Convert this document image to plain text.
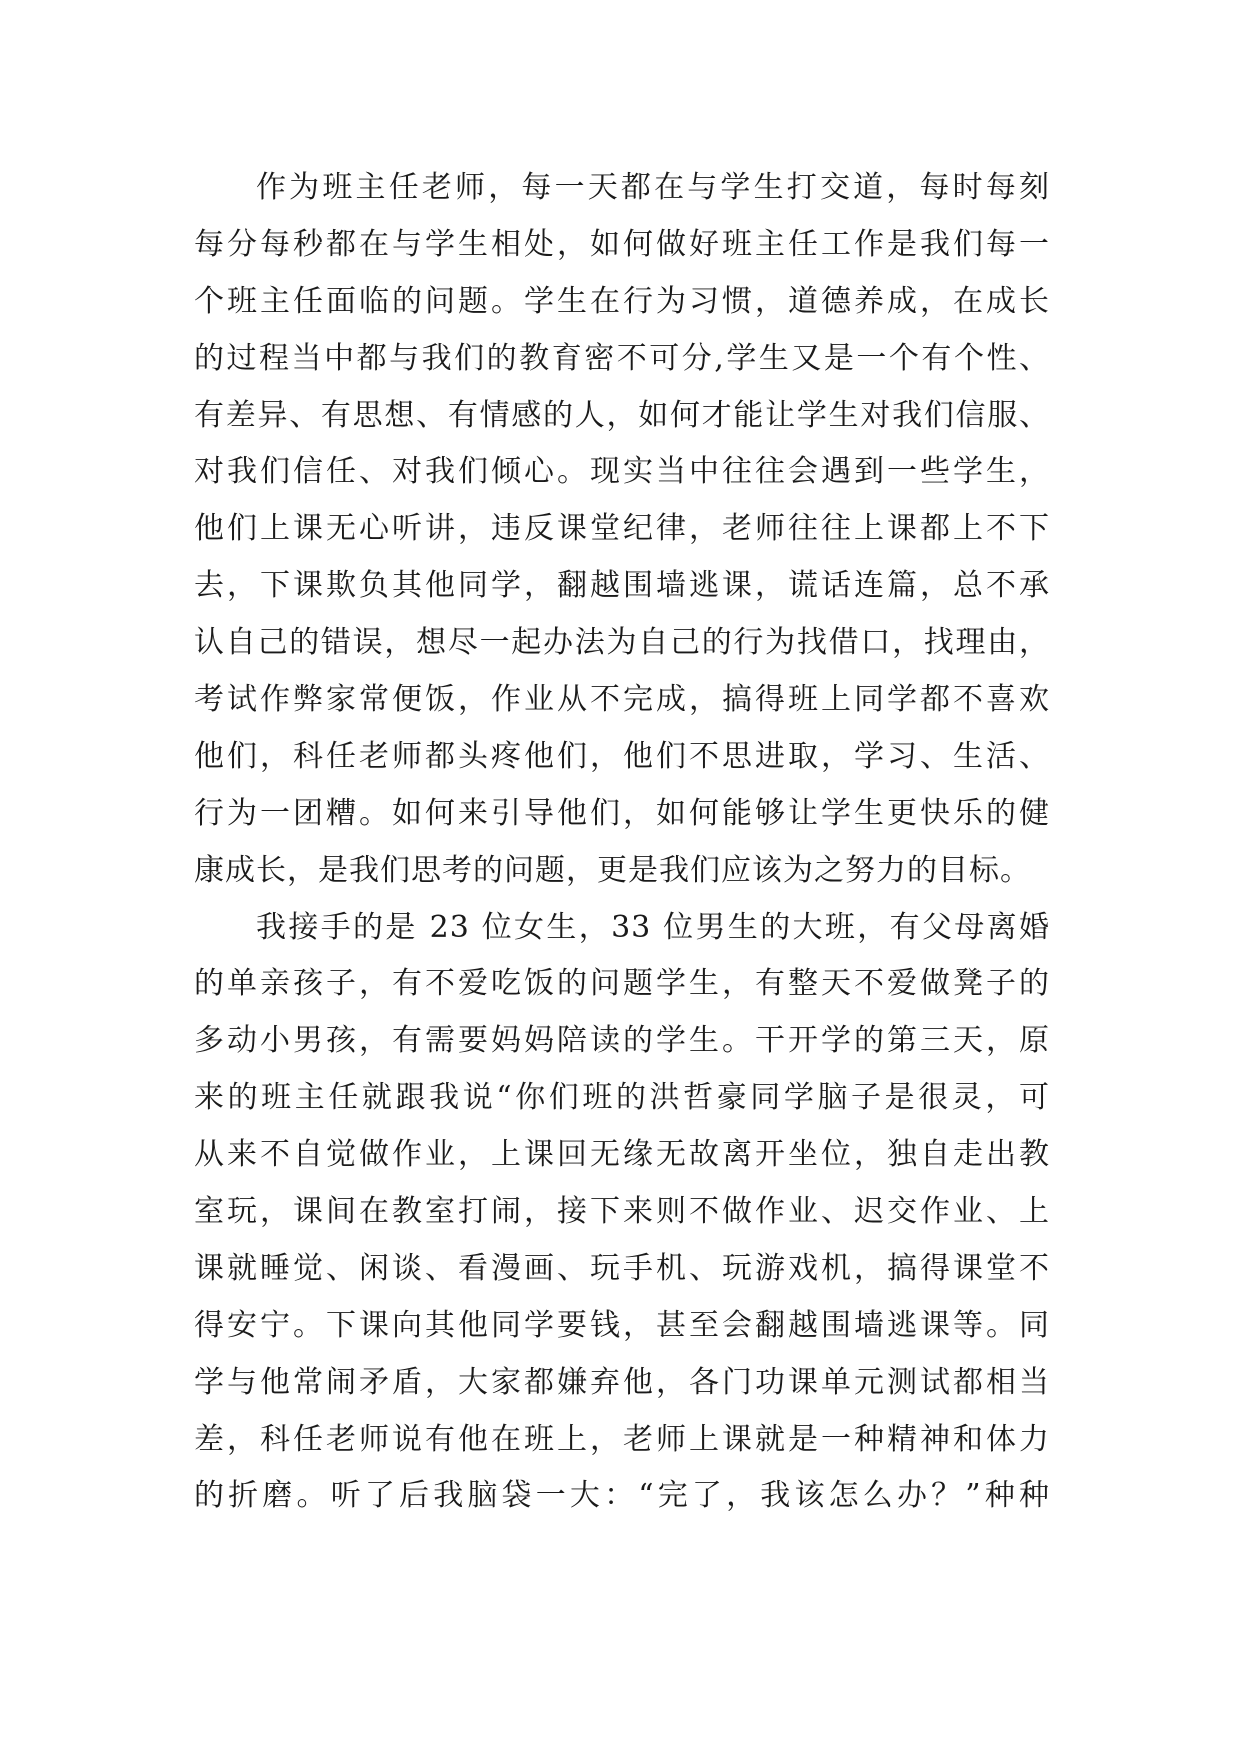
作为班主任老师，每一天都在与学生打交道，每时每刻
每分每秒都在与学生相处，如何做好班主任工作是我们每一
个班主任面临的问题。学生在行为习惯，道德养成，在成长
的过程当中都与我们的教育密不可分,学生又是一个有个性、
有差异、有思想、有情感的人，如何才能让学生对我们信服、
对我们信任、对我们倾心。现实当中往往会遇到一些学生，
他们上课无心听讲，违反课堂纪律，老师往往上课都上不下
去，下课欺负其他同学，翻越围墙逃课，谎话连篇，总不承
认自己的错误，想尽一起办法为自己的行为找借口，找理由，
考试作弊家常便饭，作业从不完成，搞得班上同学都不喜欢
他们，科任老师都头疼他们，他们不思进取，学习、生活、
行为一团糟。如何来引导他们，如何能够让学生更快乐的健
康成长，是我们思考的问题，更是我们应该为之努力的目标。
我接手的是 23 位女生，33 位男生的大班，有父母离婚
的单亲孩子，有不爱吃饭的问题学生，有整天不爱做凳子的
多动小男孩，有需要妈妈陪读的学生。干开学的第三天，原
来的班主任就跟我说“你们班的洪哲豪同学脑子是很灵，可
从来不自觉做作业，上课回无缘无故离开坐位，独自走出教
室玩，课间在教室打闹，接下来则不做作业、迟交作业、上
课就睡觉、闲谈、看漫画、玩手机、玩游戏机，搞得课堂不
得安宁。下课向其他同学要钱，甚至会翻越围墙逃课等。同
学与他常闹矛盾，大家都嫌弃他，各门功课单元测试都相当
差，科任老师说有他在班上，老师上课就是一种精神和体力
的折磨。听了后我脑袋一大：“完了，我该怎么办？”种种
